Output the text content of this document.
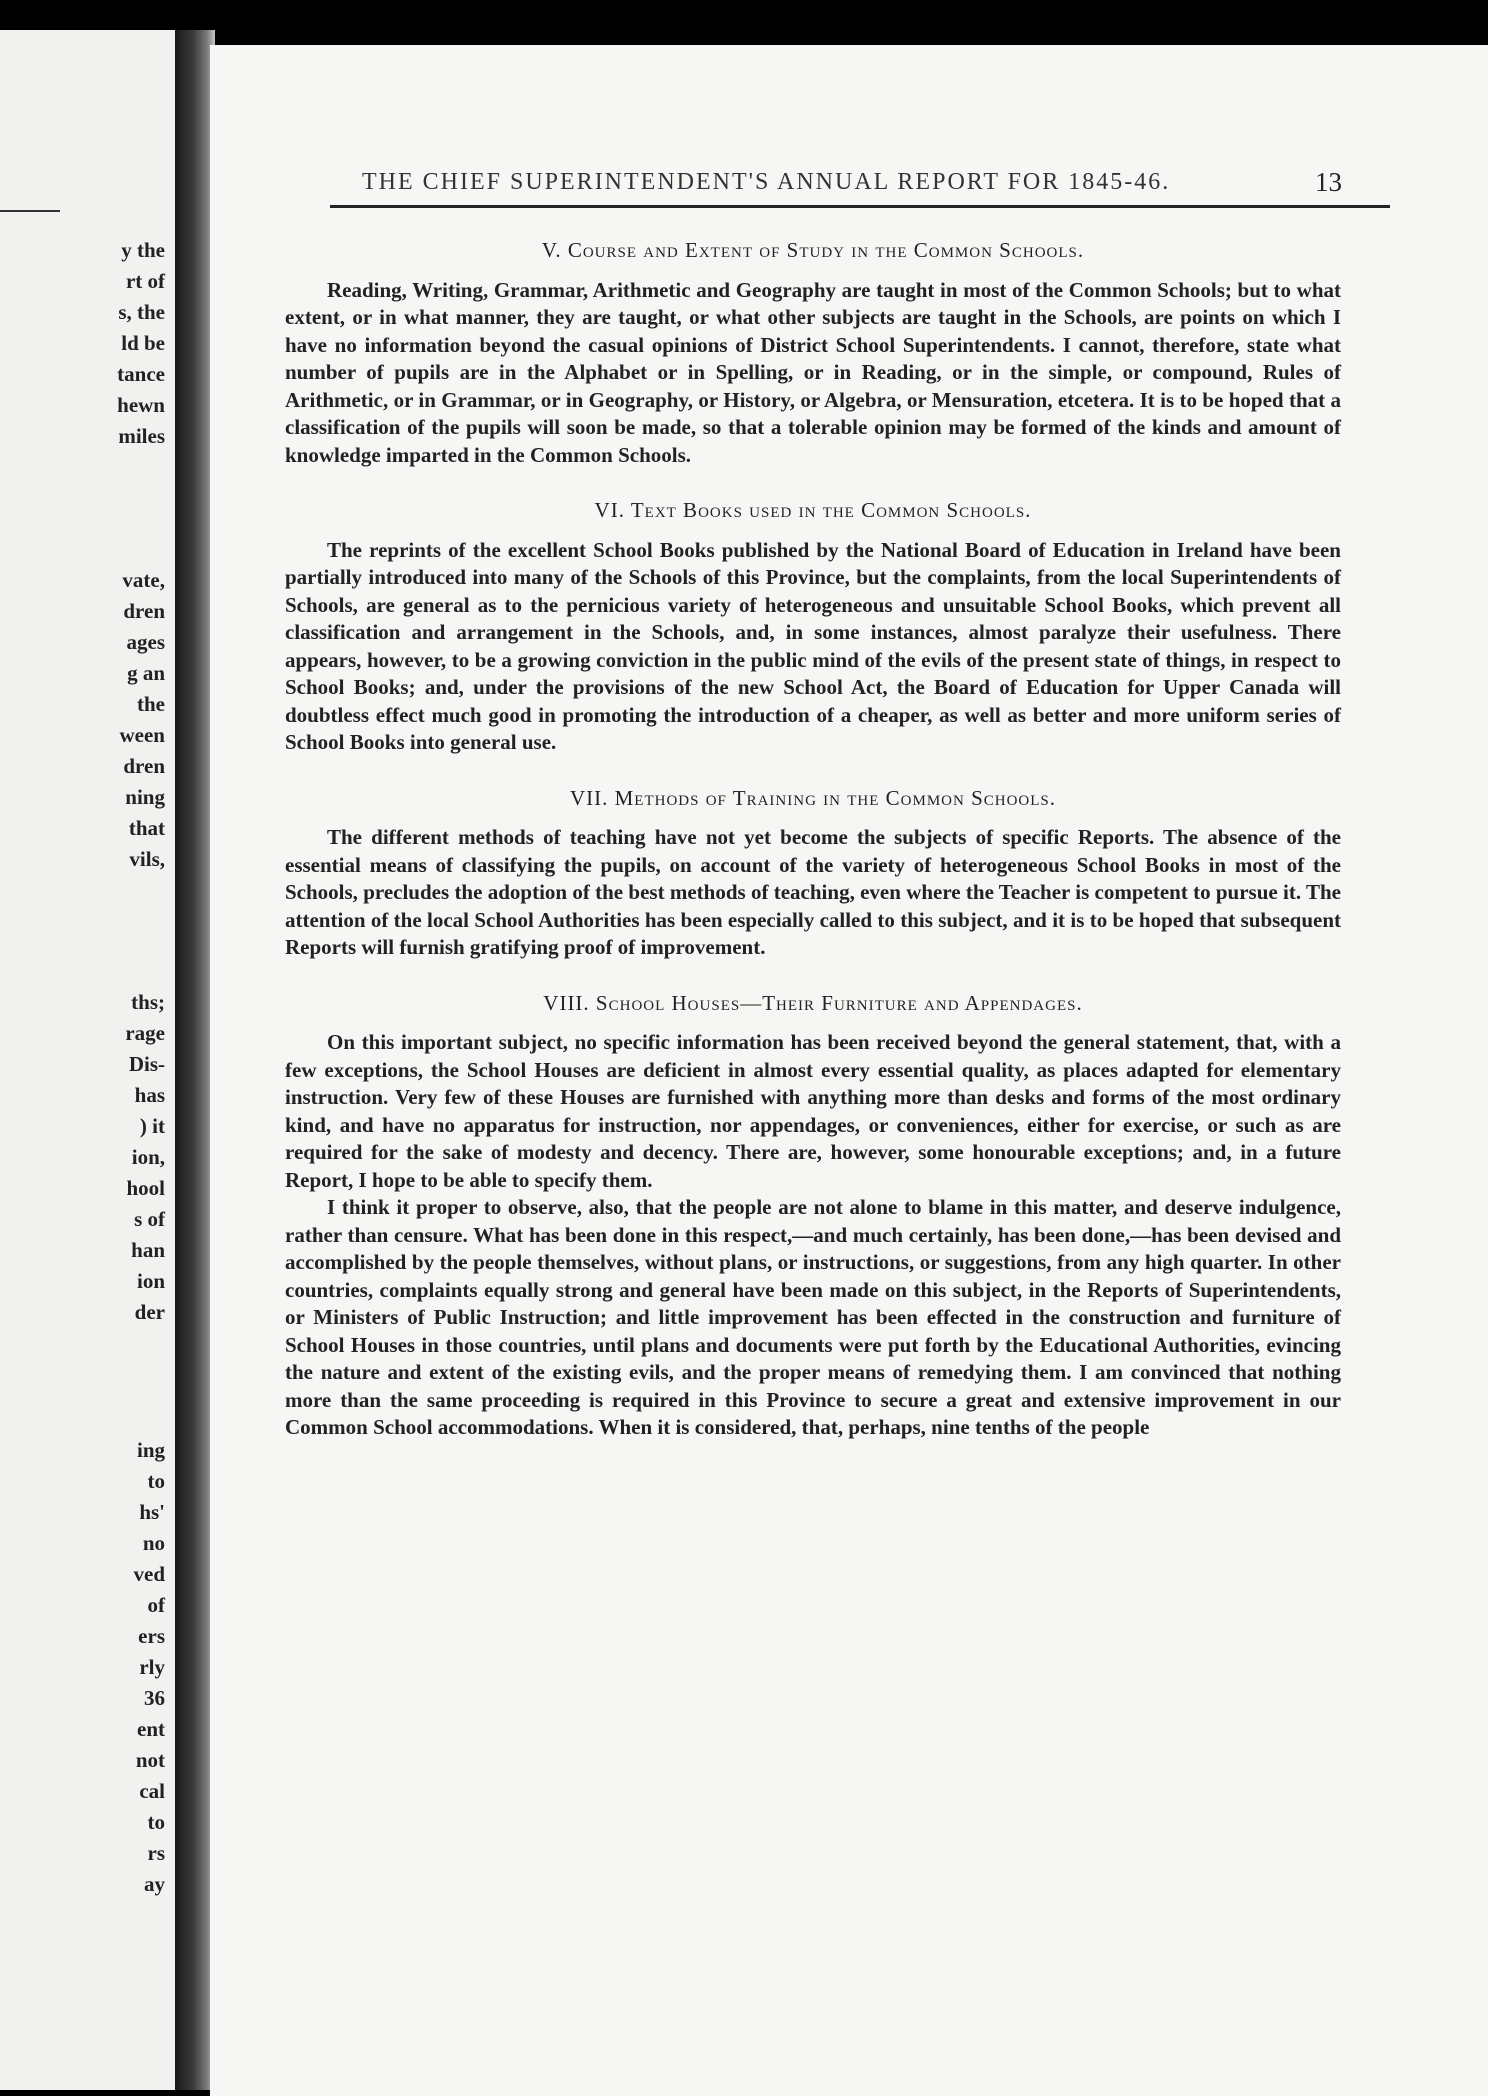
y the
rt of
s, the
ld be
tance
hewn
miles
vate,
dren
ages
g an
the
ween
dren
ning
that
vils,
ths;
rage
Dis-
has
) it
ion,
hool
s of
han
ion
der
ing
to
hs'
no
ved
of
ers
rly
36
ent
not
cal
to
rs
ay
THE CHIEF SUPERINTENDENT'S ANNUAL REPORT FOR 1845-46.	13
V. Course and Extent of Study in the Common Schools.

Reading, Writing, Grammar, Arithmetic and Geography are taught in most of the Common Schools; but to what extent, or in what manner, they are taught, or what other subjects are taught in the Schools, are points on which I have no information beyond the casual opinions of District School Superintendents. I cannot, therefore, state what number of pupils are in the Alphabet or in Spelling, or in Reading, or in the simple, or compound, Rules of Arithmetic, or in Grammar, or in Geography, or History, or Algebra, or Mensuration, etcetera. It is to be hoped that a classification of the pupils will soon be made, so that a tolerable opinion may be formed of the kinds and amount of knowledge imparted in the Common Schools.

VI. Text Books used in the Common Schools.

The reprints of the excellent School Books published by the National Board of Education in Ireland have been partially introduced into many of the Schools of this Province, but the complaints, from the local Superintendents of Schools, are general as to the pernicious variety of heterogeneous and unsuitable School Books, which prevent all classification and arrangement in the Schools, and, in some instances, almost paralyze their usefulness. There appears, however, to be a growing conviction in the public mind of the evils of the present state of things, in respect to School Books; and, under the provisions of the new School Act, the Board of Education for Upper Canada will doubtless effect much good in promoting the introduction of a cheaper, as well as better and more uniform series of School Books into general use.

VII. Methods of Training in the Common Schools.

The different methods of teaching have not yet become the subjects of specific Reports. The absence of the essential means of classifying the pupils, on account of the variety of heterogeneous School Books in most of the Schools, precludes the adoption of the best methods of teaching, even where the Teacher is competent to pursue it. The attention of the local School Authorities has been especially called to this subject, and it is to be hoped that subsequent Reports will furnish gratifying proof of improvement.

VIII. School Houses—Their Furniture and Appendages.

On this important subject, no specific information has been received beyond the general statement, that, with a few exceptions, the School Houses are deficient in almost every essential quality, as places adapted for elementary instruction. Very few of these Houses are furnished with anything more than desks and forms of the most ordinary kind, and have no apparatus for instruction, nor appendages, or conveniences, either for exercise, or such as are required for the sake of modesty and decency. There are, however, some honourable exceptions; and, in a future Report, I hope to be able to specify them.

I think it proper to observe, also, that the people are not alone to blame in this matter, and deserve indulgence, rather than censure. What has been done in this respect,—and much certainly, has been done,—has been devised and accomplished by the people themselves, without plans, or instructions, or suggestions, from any high quarter. In other countries, complaints equally strong and general have been made on this subject, in the Reports of Superintendents, or Ministers of Public Instruction; and little improvement has been effected in the construction and furniture of School Houses in those countries, until plans and documents were put forth by the Educational Authorities, evincing the nature and extent of the existing evils, and the proper means of remedying them. I am convinced that nothing more than the same proceeding is required in this Province to secure a great and extensive improvement in our Common School accommodations. When it is considered, that, perhaps, nine tenths of the people
